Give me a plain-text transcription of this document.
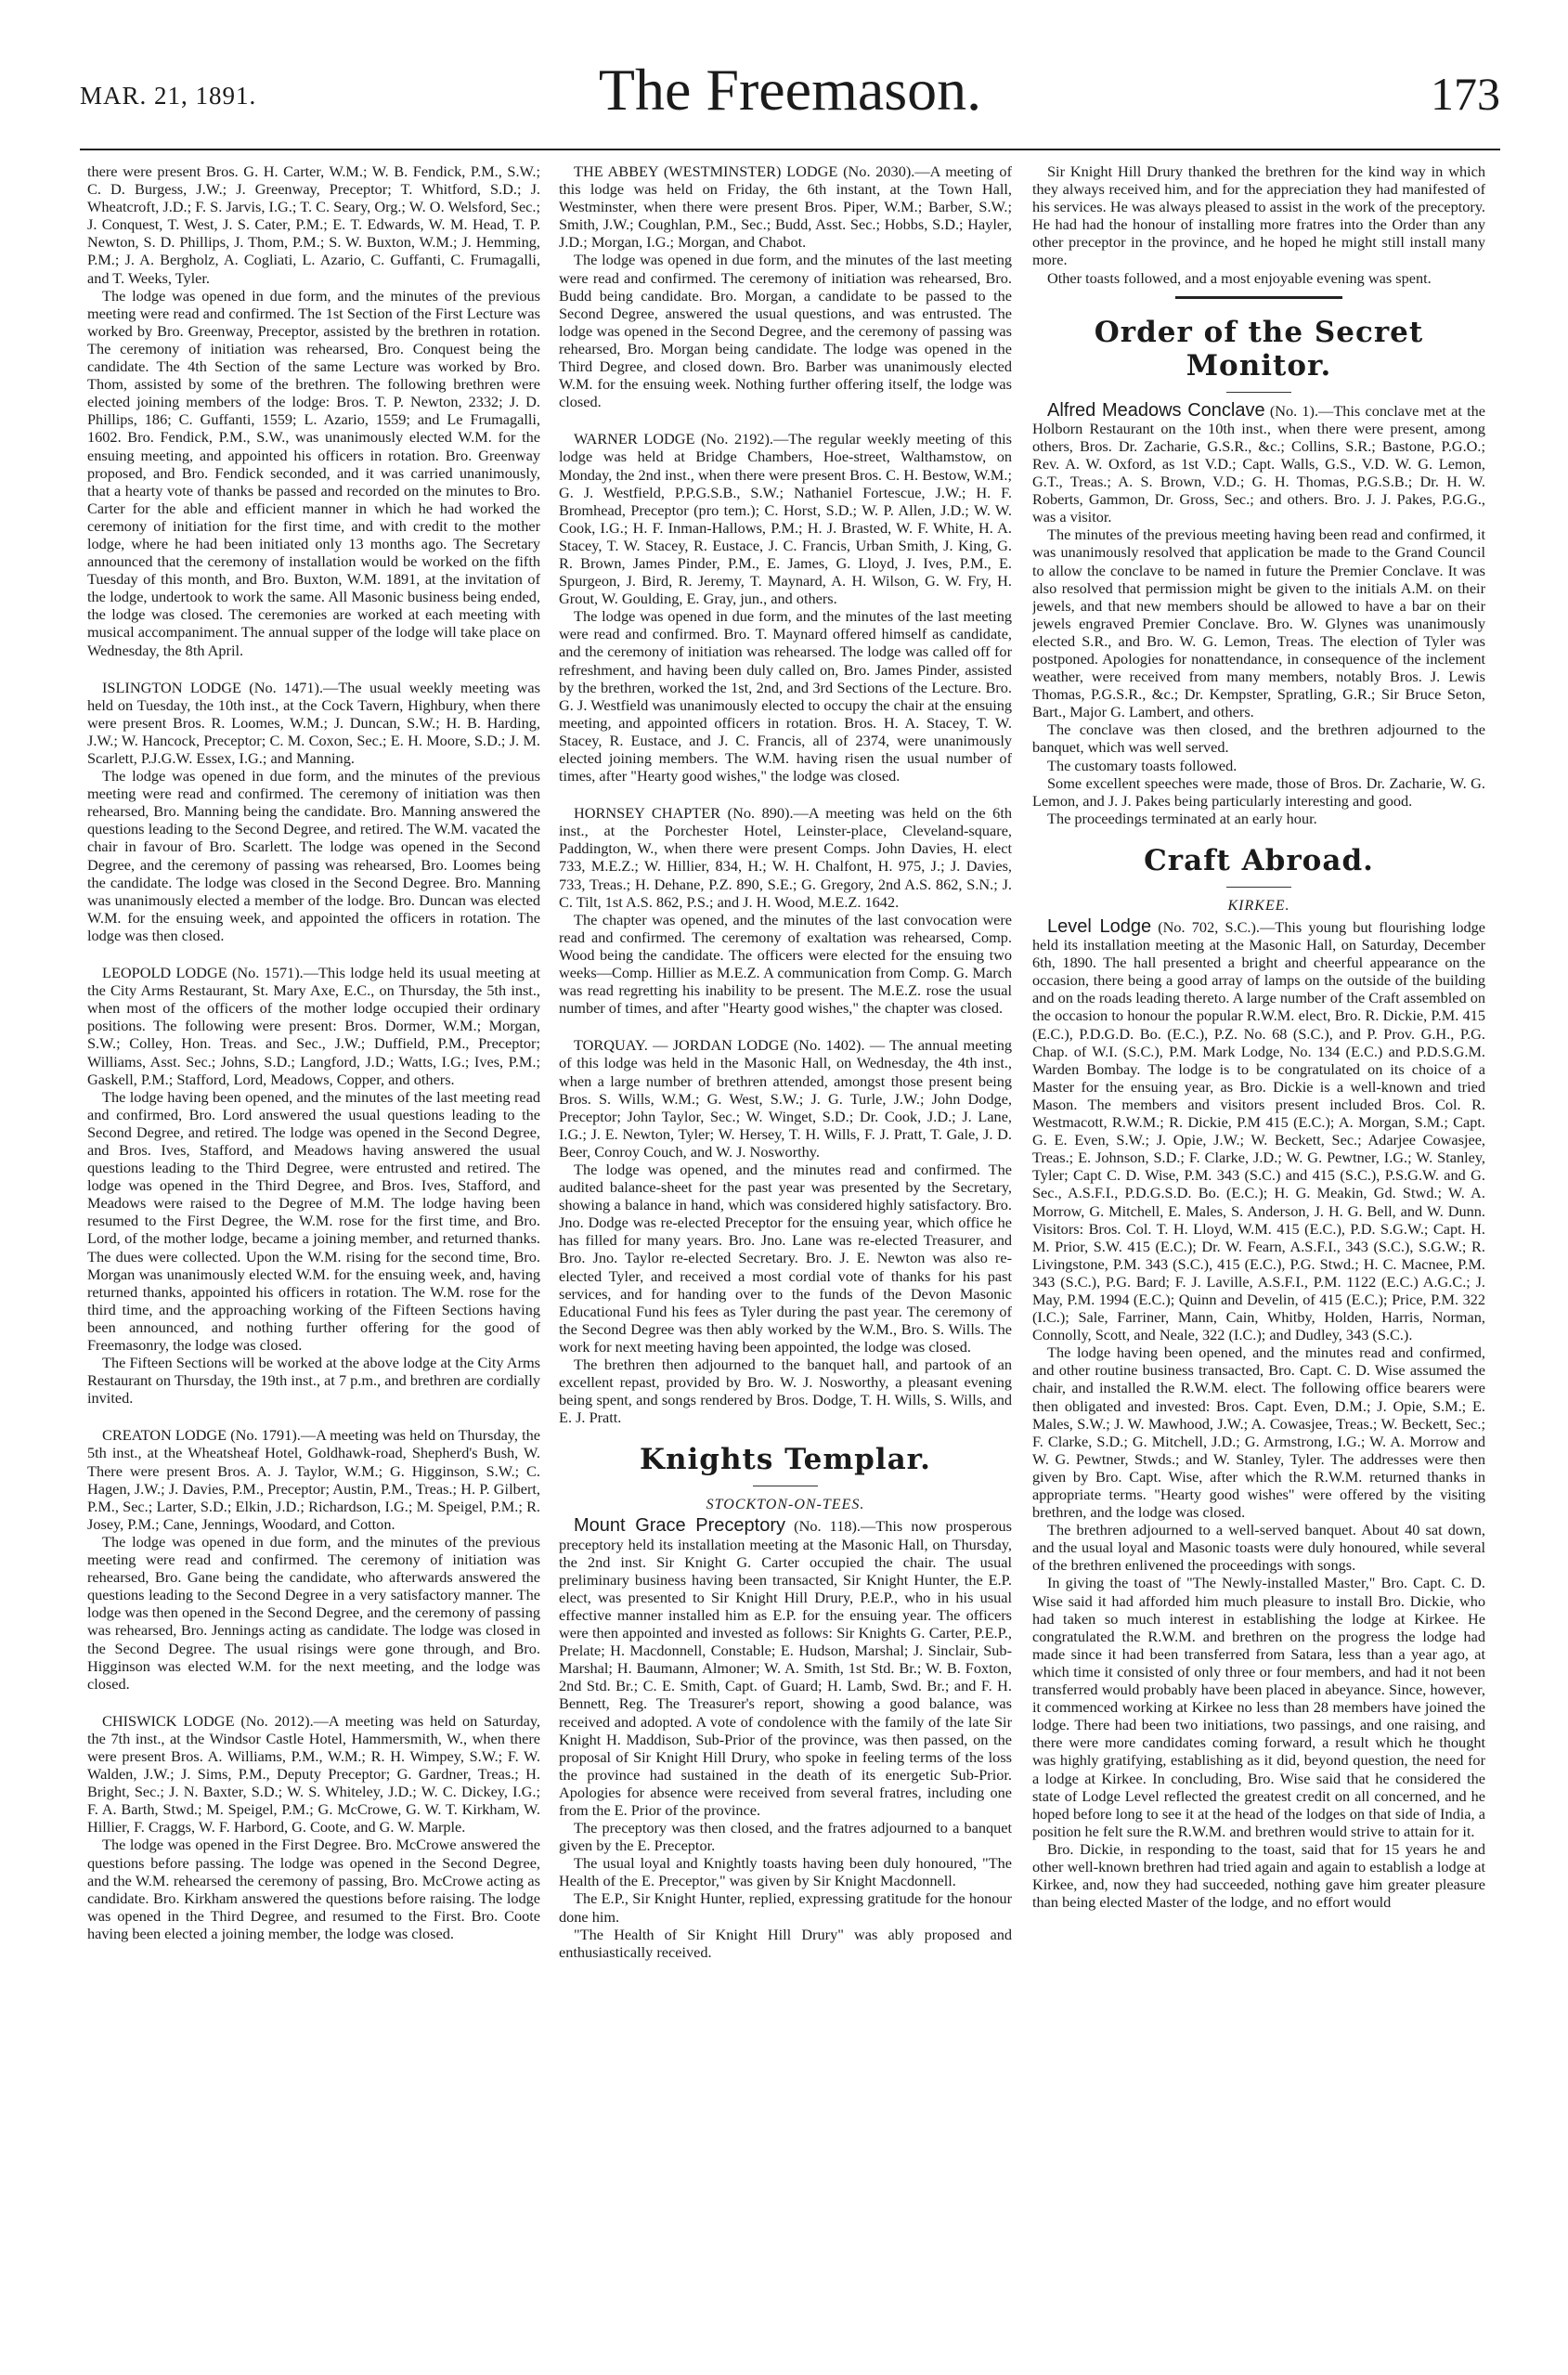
MAR. 21, 1891.	The Freemason.	173

there were present Bros. G. H. Carter, W.M.; W. B. Fendick, P.M., S.W.; C. D. Burgess, J.W.; J. Greenway, Preceptor; T. Whitford, S.D.; J. Wheatcroft, J.D.; F. S. Jarvis, I.G.; T. C. Seary, Org.; W. O. Welsford, Sec.; J. Conquest, T. West, J. S. Cater, P.M.; E. T. Edwards, W. M. Head, T. P. Newton, S. D. Phillips, J. Thom, P.M.; S. W. Buxton, W.M.; J. Hemming, P.M.; J. A. Bergholz, A. Cogliati, L. Azario, C. Guffanti, C. Frumagalli, and T. Weeks, Tyler.

The lodge was opened in due form, and the minutes of the previous meeting were read and confirmed. The 1st Section of the First Lecture was worked by Bro. Greenway, Preceptor, assisted by the brethren in rotation. The ceremony of initiation was rehearsed, Bro. Conquest being the candidate. The 4th Section of the same Lecture was worked by Bro. Thom, assisted by some of the brethren. The following brethren were elected joining members of the lodge: Bros. T. P. Newton, 2332; J. D. Phillips, 186; C. Guffanti, 1559; L. Azario, 1559; and Le Frumagalli, 1602. Bro. Fendick, P.M., S.W., was unanimously elected W.M. for the ensuing meeting, and appointed his officers in rotation. Bro. Greenway proposed, and Bro. Fendick seconded, and it was carried unanimously, that a hearty vote of thanks be passed and recorded on the minutes to Bro. Carter for the able and efficient manner in which he had worked the ceremony of initiation for the first time, and with credit to the mother lodge, where he had been initiated only 13 months ago. The Secretary announced that the ceremony of installation would be worked on the fifth Tuesday of this month, and Bro. Buxton, W.M. 1891, at the invitation of the lodge, undertook to work the same. All Masonic business being ended, the lodge was closed. The ceremonies are worked at each meeting with musical accompaniment. The annual supper of the lodge will take place on Wednesday, the 8th April.

ISLINGTON LODGE (No. 1471).—The usual weekly meeting was held on Tuesday, the 10th inst., at the Cock Tavern, Highbury, when there were present Bros. R. Loomes, W.M.; J. Duncan, S.W.; H. B. Harding, J.W.; W. Hancock, Preceptor; C. M. Coxon, Sec.; E. H. Moore, S.D.; J. M. Scarlett, P.J.G.W. Essex, I.G.; and Manning.

The lodge was opened in due form, and the minutes of the previous meeting were read and confirmed. The ceremony of initiation was then rehearsed, Bro. Manning being the candidate. Bro. Manning answered the questions leading to the Second Degree, and retired. The W.M. vacated the chair in favour of Bro. Scarlett. The lodge was opened in the Second Degree, and the ceremony of passing was rehearsed, Bro. Loomes being the candidate. The lodge was closed in the Second Degree. Bro. Manning was unanimously elected a member of the lodge. Bro. Duncan was elected W.M. for the ensuing week, and appointed the officers in rotation. The lodge was then closed.

LEOPOLD LODGE (No. 1571).—This lodge held its usual meeting at the City Arms Restaurant, St. Mary Axe, E.C., on Thursday, the 5th inst., when most of the officers of the mother lodge occupied their ordinary positions. The following were present: Bros. Dormer, W.M.; Morgan, S.W.; Colley, Hon. Treas. and Sec., J.W.; Duffield, P.M., Preceptor; Williams, Asst. Sec.; Johns, S.D.; Langford, J.D.; Watts, I.G.; Ives, P.M.; Gaskell, P.M.; Stafford, Lord, Meadows, Copper, and others.

The lodge having been opened, and the minutes of the last meeting read and confirmed, Bro. Lord answered the usual questions leading to the Second Degree, and retired. The lodge was opened in the Second Degree, and Bros. Ives, Stafford, and Meadows having answered the usual questions leading to the Third Degree, were entrusted and retired. The lodge was opened in the Third Degree, and Bros. Ives, Stafford, and Meadows were raised to the Degree of M.M. The lodge having been resumed to the First Degree, the W.M. rose for the first time, and Bro. Lord, of the mother lodge, became a joining member, and returned thanks. The dues were collected. Upon the W.M. rising for the second time, Bro. Morgan was unanimously elected W.M. for the ensuing week, and, having returned thanks, appointed his officers in rotation. The W.M. rose for the third time, and the approaching working of the Fifteen Sections having been announced, and nothing further offering for the good of Freemasonry, the lodge was closed.

The Fifteen Sections will be worked at the above lodge at the City Arms Restaurant on Thursday, the 19th inst., at 7 p.m., and brethren are cordially invited.

CREATON LODGE (No. 1791).—A meeting was held on Thursday, the 5th inst., at the Wheatsheaf Hotel, Goldhawk-road, Shepherd's Bush, W. There were present Bros. A. J. Taylor, W.M.; G. Higginson, S.W.; C. Hagen, J.W.; J. Davies, P.M., Preceptor; Austin, P.M., Treas.; H. P. Gilbert, P.M., Sec.; Larter, S.D.; Elkin, J.D.; Richardson, I.G.; M. Speigel, P.M.; R. Josey, P.M.; Cane, Jennings, Woodard, and Cotton.

The lodge was opened in due form, and the minutes of the previous meeting were read and confirmed. The ceremony of initiation was rehearsed, Bro. Gane being the candidate, who afterwards answered the questions leading to the Second Degree in a very satisfactory manner. The lodge was then opened in the Second Degree, and the ceremony of passing was rehearsed, Bro. Jennings acting as candidate. The lodge was closed in the Second Degree. The usual risings were gone through, and Bro. Higginson was elected W.M. for the next meeting, and the lodge was closed.

CHISWICK LODGE (No. 2012).—A meeting was held on Saturday, the 7th inst., at the Windsor Castle Hotel, Hammersmith, W., when there were present Bros. A. Williams, P.M., W.M.; R. H. Wimpey, S.W.; F. W. Walden, J.W.; J. Sims, P.M., Deputy Preceptor; G. Gardner, Treas.; H. Bright, Sec.; J. N. Baxter, S.D.; W. S. Whiteley, J.D.; W. C. Dickey, I.G.; F. A. Barth, Stwd.; M. Speigel, P.M.; G. McCrowe, G. W. T. Kirkham, W. Hillier, F. Craggs, W. F. Harbord, G. Coote, and G. W. Marple.

The lodge was opened in the First Degree. Bro. McCrowe answered the questions before passing. The lodge was opened in the Second Degree, and the W.M. rehearsed the ceremony of passing, Bro. McCrowe acting as candidate. Bro. Kirkham answered the questions before raising. The lodge was opened in the Third Degree, and resumed to the First. Bro. Coote having been elected a joining member, the lodge was closed.

THE ABBEY (WESTMINSTER) LODGE (No. 2030).—A meeting of this lodge was held on Friday, the 6th instant, at the Town Hall, Westminster, when there were present Bros. Piper, W.M.; Barber, S.W.; Smith, J.W.; Coughlan, P.M., Sec.; Budd, Asst. Sec.; Hobbs, S.D.; Hayler, J.D.; Morgan, I.G.; Morgan, and Chabot.

The lodge was opened in due form, and the minutes of the last meeting were read and confirmed. The ceremony of initiation was rehearsed, Bro. Budd being candidate. Bro. Morgan, a candidate to be passed to the Second Degree, answered the usual questions, and was entrusted. The lodge was opened in the Second Degree, and the ceremony of passing was rehearsed, Bro. Morgan being candidate. The lodge was opened in the Third Degree, and closed down. Bro. Barber was unanimously elected W.M. for the ensuing week. Nothing further offering itself, the lodge was closed.

WARNER LODGE (No. 2192).—The regular weekly meeting of this lodge was held at Bridge Chambers, Hoe-street, Walthamstow, on Monday, the 2nd inst., when there were present Bros. C. H. Bestow, W.M.; G. J. Westfield, P.P.G.S.B., S.W.; Nathaniel Fortescue, J.W.; H. F. Bromhead, Preceptor (pro tem.); C. Horst, S.D.; W. P. Allen, J.D.; W. W. Cook, I.G.; H. F. Inman-Hallows, P.M.; H. J. Brasted, W. F. White, H. A. Stacey, T. W. Stacey, R. Eustace, J. C. Francis, Urban Smith, J. King, G. R. Brown, James Pinder, P.M., E. James, G. Lloyd, J. Ives, P.M., E. Spurgeon, J. Bird, R. Jeremy, T. Maynard, A. H. Wilson, G. W. Fry, H. Grout, W. Goulding, E. Gray, jun., and others.

The lodge was opened in due form, and the minutes of the last meeting were read and confirmed. Bro. T. Maynard offered himself as candidate, and the ceremony of initiation was rehearsed. The lodge was called off for refreshment, and having been duly called on, Bro. James Pinder, assisted by the brethren, worked the 1st, 2nd, and 3rd Sections of the Lecture. Bro. G. J. Westfield was unanimously elected to occupy the chair at the ensuing meeting, and appointed officers in rotation. Bros. H. A. Stacey, T. W. Stacey, R. Eustace, and J. C. Francis, all of 2374, were unanimously elected joining members. The W.M. having risen the usual number of times, after "Hearty good wishes," the lodge was closed.

HORNSEY CHAPTER (No. 890).—A meeting was held on the 6th inst., at the Porchester Hotel, Leinster-place, Cleveland-square, Paddington, W., when there were present Comps. John Davies, H. elect 733, M.E.Z.; W. Hillier, 834, H.; W. H. Chalfont, H. 975, J.; J. Davies, 733, Treas.; H. Dehane, P.Z. 890, S.E.; G. Gregory, 2nd A.S. 862, S.N.; J. C. Tilt, 1st A.S. 862, P.S.; and J. H. Wood, M.E.Z. 1642.

The chapter was opened, and the minutes of the last convocation were read and confirmed. The ceremony of exaltation was rehearsed, Comp. Wood being the candidate. The officers were elected for the ensuing two weeks—Comp. Hillier as M.E.Z. A communication from Comp. G. March was read regretting his inability to be present. The M.E.Z. rose the usual number of times, and after "Hearty good wishes," the chapter was closed.

TORQUAY. — JORDAN LODGE (No. 1402). — The annual meeting of this lodge was held in the Masonic Hall, on Wednesday, the 4th inst., when a large number of brethren attended, amongst those present being Bros. S. Wills, W.M.; G. West, S.W.; J. G. Turle, J.W.; John Dodge, Preceptor; John Taylor, Sec.; W. Winget, S.D.; Dr. Cook, J.D.; J. Lane, I.G.; J. E. Newton, Tyler; W. Hersey, T. H. Wills, F. J. Pratt, T. Gale, J. D. Beer, Conroy Couch, and W. J. Nosworthy.

The lodge was opened, and the minutes read and confirmed. The audited balance-sheet for the past year was presented by the Secretary, showing a balance in hand, which was considered highly satisfactory. Bro. Jno. Dodge was re-elected Preceptor for the ensuing year, which office he has filled for many years. Bro. Jno. Lane was re-elected Treasurer, and Bro. Jno. Taylor re-elected Secretary. Bro. J. E. Newton was also re-elected Tyler, and received a most cordial vote of thanks for his past services, and for handing over to the funds of the Devon Masonic Educational Fund his fees as Tyler during the past year. The ceremony of the Second Degree was then ably worked by the W.M., Bro. S. Wills. The work for next meeting having been appointed, the lodge was closed.

The brethren then adjourned to the banquet hall, and partook of an excellent repast, provided by Bro. W. J. Nosworthy, a pleasant evening being spent, and songs rendered by Bros. Dodge, T. H. Wills, S. Wills, and E. J. Pratt.

Knights Templar.
STOCKTON-ON-TEES.

Mount Grace Preceptory (No. 118).—This now prosperous preceptory held its installation meeting at the Masonic Hall, on Thursday, the 2nd inst. Sir Knight G. Carter occupied the chair. The usual preliminary business having been transacted, Sir Knight Hunter, the E.P. elect, was presented to Sir Knight Hill Drury, P.E.P., who in his usual effective manner installed him as E.P. for the ensuing year. The officers were then appointed and invested as follows: Sir Knights G. Carter, P.E.P., Prelate; H. Macdonnell, Constable; E. Hudson, Marshal; J. Sinclair, Sub-Marshal; H. Baumann, Almoner; W. A. Smith, 1st Std. Br.; W. B. Foxton, 2nd Std. Br.; C. E. Smith, Capt. of Guard; H. Lamb, Swd. Br.; and F. H. Bennett, Reg. The Treasurer's report, showing a good balance, was received and adopted. A vote of condolence with the family of the late Sir Knight H. Maddison, Sub-Prior of the province, was then passed, on the proposal of Sir Knight Hill Drury, who spoke in feeling terms of the loss the province had sustained in the death of its energetic Sub-Prior. Apologies for absence were received from several fratres, including one from the E. Prior of the province.

The preceptory was then closed, and the fratres adjourned to a banquet given by the E. Preceptor.

The usual loyal and Knightly toasts having been duly honoured, "The Health of the E. Preceptor," was given by Sir Knight Macdonnell.

The E.P., Sir Knight Hunter, replied, expressing gratitude for the honour done him.

"The Health of Sir Knight Hill Drury" was ably proposed and enthusiastically received.

Sir Knight Hill Drury thanked the brethren for the kind way in which they always received him, and for the appreciation they had manifested of his services. He was always pleased to assist in the work of the preceptory. He had had the honour of installing more fratres into the Order than any other preceptor in the province, and he hoped he might still install many more.

Other toasts followed, and a most enjoyable evening was spent.

Order of the Secret Monitor.

Alfred Meadows Conclave (No. 1).—This conclave met at the Holborn Restaurant on the 10th inst., when there were present, among others, Bros. Dr. Zacharie, G.S.R., &c.; Collins, S.R.; Bastone, P.G.O.; Rev. A. W. Oxford, as 1st V.D.; Capt. Walls, G.S., V.D. W. G. Lemon, G.T., Treas.; A. S. Brown, V.D.; G. H. Thomas, P.G.S.B.; Dr. H. W. Roberts, Gammon, Dr. Gross, Sec.; and others. Bro. J. J. Pakes, P.G.G., was a visitor.

The minutes of the previous meeting having been read and confirmed, it was unanimously resolved that application be made to the Grand Council to allow the conclave to be named in future the Premier Conclave. It was also resolved that permission might be given to the initials A.M. on their jewels, and that new members should be allowed to have a bar on their jewels engraved Premier Conclave. Bro. W. Glynes was unanimously elected S.R., and Bro. W. G. Lemon, Treas. The election of Tyler was postponed. Apologies for nonattendance, in consequence of the inclement weather, were received from many members, notably Bros. J. Lewis Thomas, P.G.S.R., &c.; Dr. Kempster, Spratling, G.R.; Sir Bruce Seton, Bart., Major G. Lambert, and others.

The conclave was then closed, and the brethren adjourned to the banquet, which was well served.

The customary toasts followed.

Some excellent speeches were made, those of Bros. Dr. Zacharie, W. G. Lemon, and J. J. Pakes being particularly interesting and good.

The proceedings terminated at an early hour.

Craft Abroad.
KIRKEE.

Level Lodge (No. 702, S.C.).—This young but flourishing lodge held its installation meeting at the Masonic Hall, on Saturday, December 6th, 1890. The hall presented a bright and cheerful appearance on the occasion, there being a good array of lamps on the outside of the building and on the roads leading thereto. A large number of the Craft assembled on the occasion to honour the popular R.W.M. elect, Bro. R. Dickie, P.M. 415 (E.C.), P.D.G.D. Bo. (E.C.), P.Z. No. 68 (S.C.), and P. Prov. G.H., P.G. Chap. of W.I. (S.C.), P.M. Mark Lodge, No. 134 (E.C.) and P.D.S.G.M. Warden Bombay. The lodge is to be congratulated on its choice of a Master for the ensuing year, as Bro. Dickie is a well-known and tried Mason. The members and visitors present included Bros. Col. R. Westmacott, R.W.M.; R. Dickie, P.M 415 (E.C.); A. Morgan, S.M.; Capt. G. E. Even, S.W.; J. Opie, J.W.; W. Beckett, Sec.; Adarjee Cowasjee, Treas.; E. Johnson, S.D.; F. Clarke, J.D.; W. G. Pewtner, I.G.; W. Stanley, Tyler; Capt C. D. Wise, P.M. 343 (S.C.) and 415 (S.C.), P.S.G.W. and G. Sec., A.S.F.I., P.D.G.S.D. Bo. (E.C.); H. G. Meakin, Gd. Stwd.; W. A. Morrow, G. Mitchell, E. Males, S. Anderson, J. H. G. Bell, and W. Dunn. Visitors: Bros. Col. T. H. Lloyd, W.M. 415 (E.C.), P.D. S.G.W.; Capt. H. M. Prior, S.W. 415 (E.C.); Dr. W. Fearn, A.S.F.I., 343 (S.C.), S.G.W.; R. Livingstone, P.M. 343 (S.C.), 415 (E.C.), P.G. Stwd.; H. C. Macnee, P.M. 343 (S.C.), P.G. Bard; F. J. Laville, A.S.F.I., P.M. 1122 (E.C.) A.G.C.; J. May, P.M. 1994 (E.C.); Quinn and Develin, of 415 (E.C.); Price, P.M. 322 (I.C.); Sale, Farriner, Mann, Cain, Whitby, Holden, Harris, Norman, Connolly, Scott, and Neale, 322 (I.C.); and Dudley, 343 (S.C.).

The lodge having been opened, and the minutes read and confirmed, and other routine business transacted, Bro. Capt. C. D. Wise assumed the chair, and installed the R.W.M. elect. The following office bearers were then obligated and invested: Bros. Capt. Even, D.M.; J. Opie, S.M.; E. Males, S.W.; J. W. Mawhood, J.W.; A. Cowasjee, Treas.; W. Beckett, Sec.; F. Clarke, S.D.; G. Mitchell, J.D.; G. Armstrong, I.G.; W. A. Morrow and W. G. Pewtner, Stwds.; and W. Stanley, Tyler. The addresses were then given by Bro. Capt. Wise, after which the R.W.M. returned thanks in appropriate terms. "Hearty good wishes" were offered by the visiting brethren, and the lodge was closed.

The brethren adjourned to a well-served banquet. About 40 sat down, and the usual loyal and Masonic toasts were duly honoured, while several of the brethren enlivened the proceedings with songs.

In giving the toast of "The Newly-installed Master," Bro. Capt. C. D. Wise said it had afforded him much pleasure to install Bro. Dickie, who had taken so much interest in establishing the lodge at Kirkee. He congratulated the R.W.M. and brethren on the progress the lodge had made since it had been transferred from Satara, less than a year ago, at which time it consisted of only three or four members, and had it not been transferred would probably have been placed in abeyance. Since, however, it commenced working at Kirkee no less than 28 members have joined the lodge. There had been two initiations, two passings, and one raising, and there were more candidates coming forward, a result which he thought was highly gratifying, establishing as it did, beyond question, the need for a lodge at Kirkee. In concluding, Bro. Wise said that he considered the state of Lodge Level reflected the greatest credit on all concerned, and he hoped before long to see it at the head of the lodges on that side of India, a position he felt sure the R.W.M. and brethren would strive to attain for it.

Bro. Dickie, in responding to the toast, said that for 15 years he and other well-known brethren had tried again and again to establish a lodge at Kirkee, and, now they had succeeded, nothing gave him greater pleasure than being elected Master of the lodge, and no effort would
